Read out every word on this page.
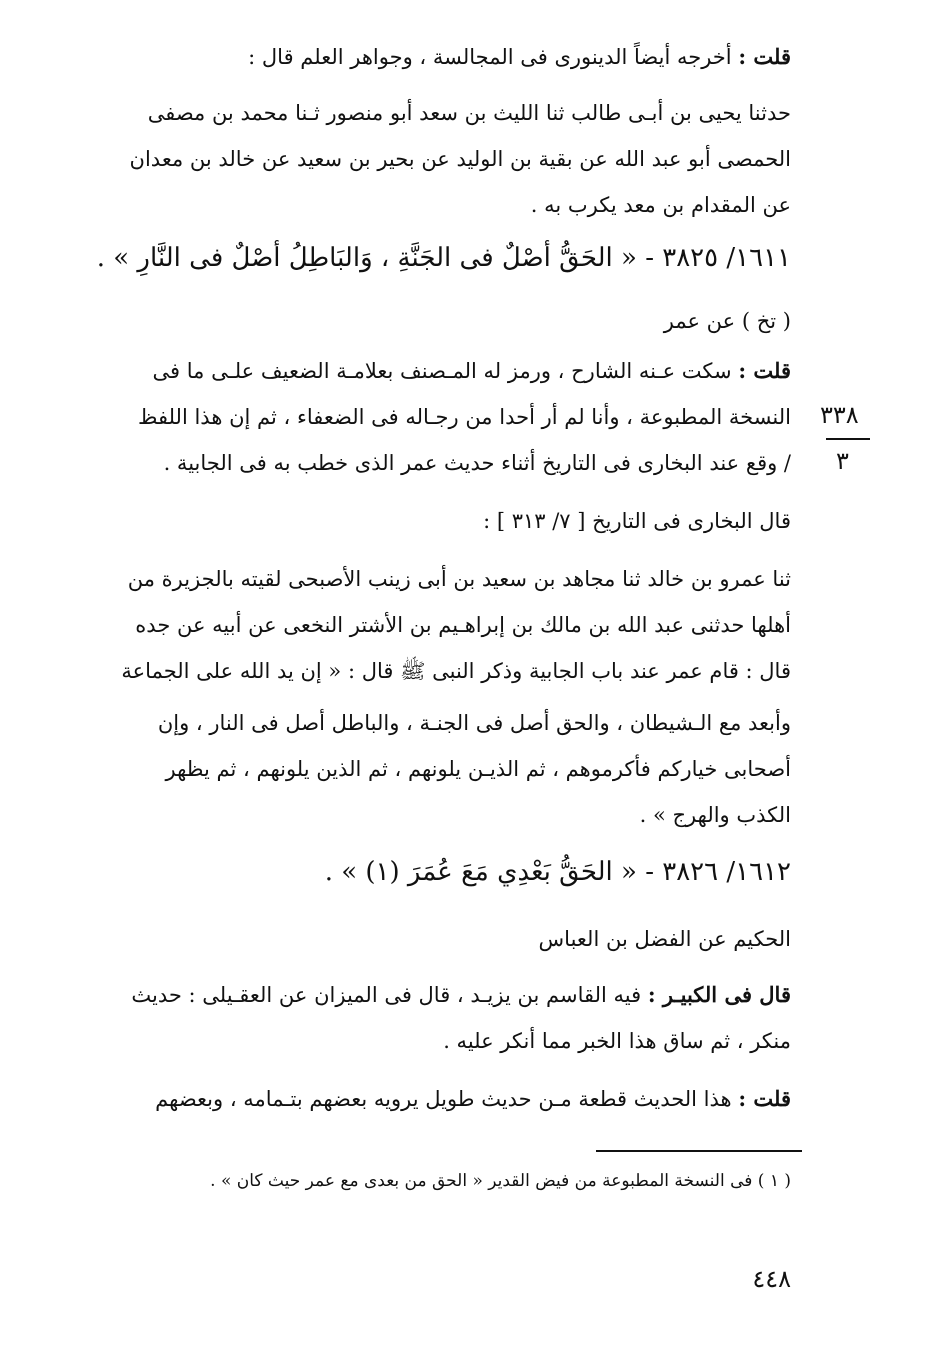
قلت : أخرجه أيضاً الدينورى فى المجالسة ، وجواهر العلم قال :
حدثنا يحيى بن أبـى طالب ثنا الليث بن سعد أبو منصور ثـنا محمد بن مصفى
الحمصى أبو عبد الله عن بقية بن الوليد عن بحير بن سعيد عن خالد بن معدان
عن المقدام بن معد يكرب به .
١٦١١/ ٣٨٢٥ - « الحَقُّ أَصْلٌ فى الجَنَّةِ ، وَالبَاطِلُ أَصْلٌ فى النَّارِ » .
( تخ ) عن عمر
قلت : سكت عـنه الشارح ، ورمز له المـصنف بعلامـة الضعيف علـى ما فى
النسخة المطبوعة ، وأنا لم أر أحدا من رجـاله فى الضعفاء ، ثم إن هذا اللفظ
/ وقع عند البخارى فى التاريخ أثناء حديث عمر الذى خطب به فى الجابية .
قال البخارى فى التاريخ [ ٧/ ٣١٣ ] :
ثنا عمرو بن خالد ثنا مجاهد بن سعيد بن أبى زينب الأصبحى لقيته بالجزيرة من
أهلها حدثنى عبد الله بن مالك بن إبراهـيم بن الأشتر النخعى عن أبيه عن جده
قال : قام عمر عند باب الجابية وذكر النبى ﷺ قال : « إن يد الله على الجماعة
وأبعد مع الـشيطان ، والحق أصل فى الجنـة ، والباطل أصل فى النار ، وإن
أصحابى خياركم فأكرموهم ، ثم الذيـن يلونهم ، ثم الذين يلونهم ، ثم يظهر
الكذب والهرج » .
١٦١٢/ ٣٨٢٦ - « الحَقُّ بَعْدِي مَعَ عُمَرَ (١) » .
الحكيم عن الفضل بن العباس
قال فى الكبيـر : فيه القاسم بن يزيـد ، قال فى الميزان عن العقـيلى : حديث
منكر ، ثم ساق هذا الخبر مما أنكر عليه .
قلت : هذا الحديث قطعة مـن حديث طويل يرويه بعضهم بتـمامه ، وبعضهم
٣٣٨
٣
( ١ ) فى النسخة المطبوعة من فيض القدير « الحق من بعدى مع عمر حيث كان » .
٤٤٨
